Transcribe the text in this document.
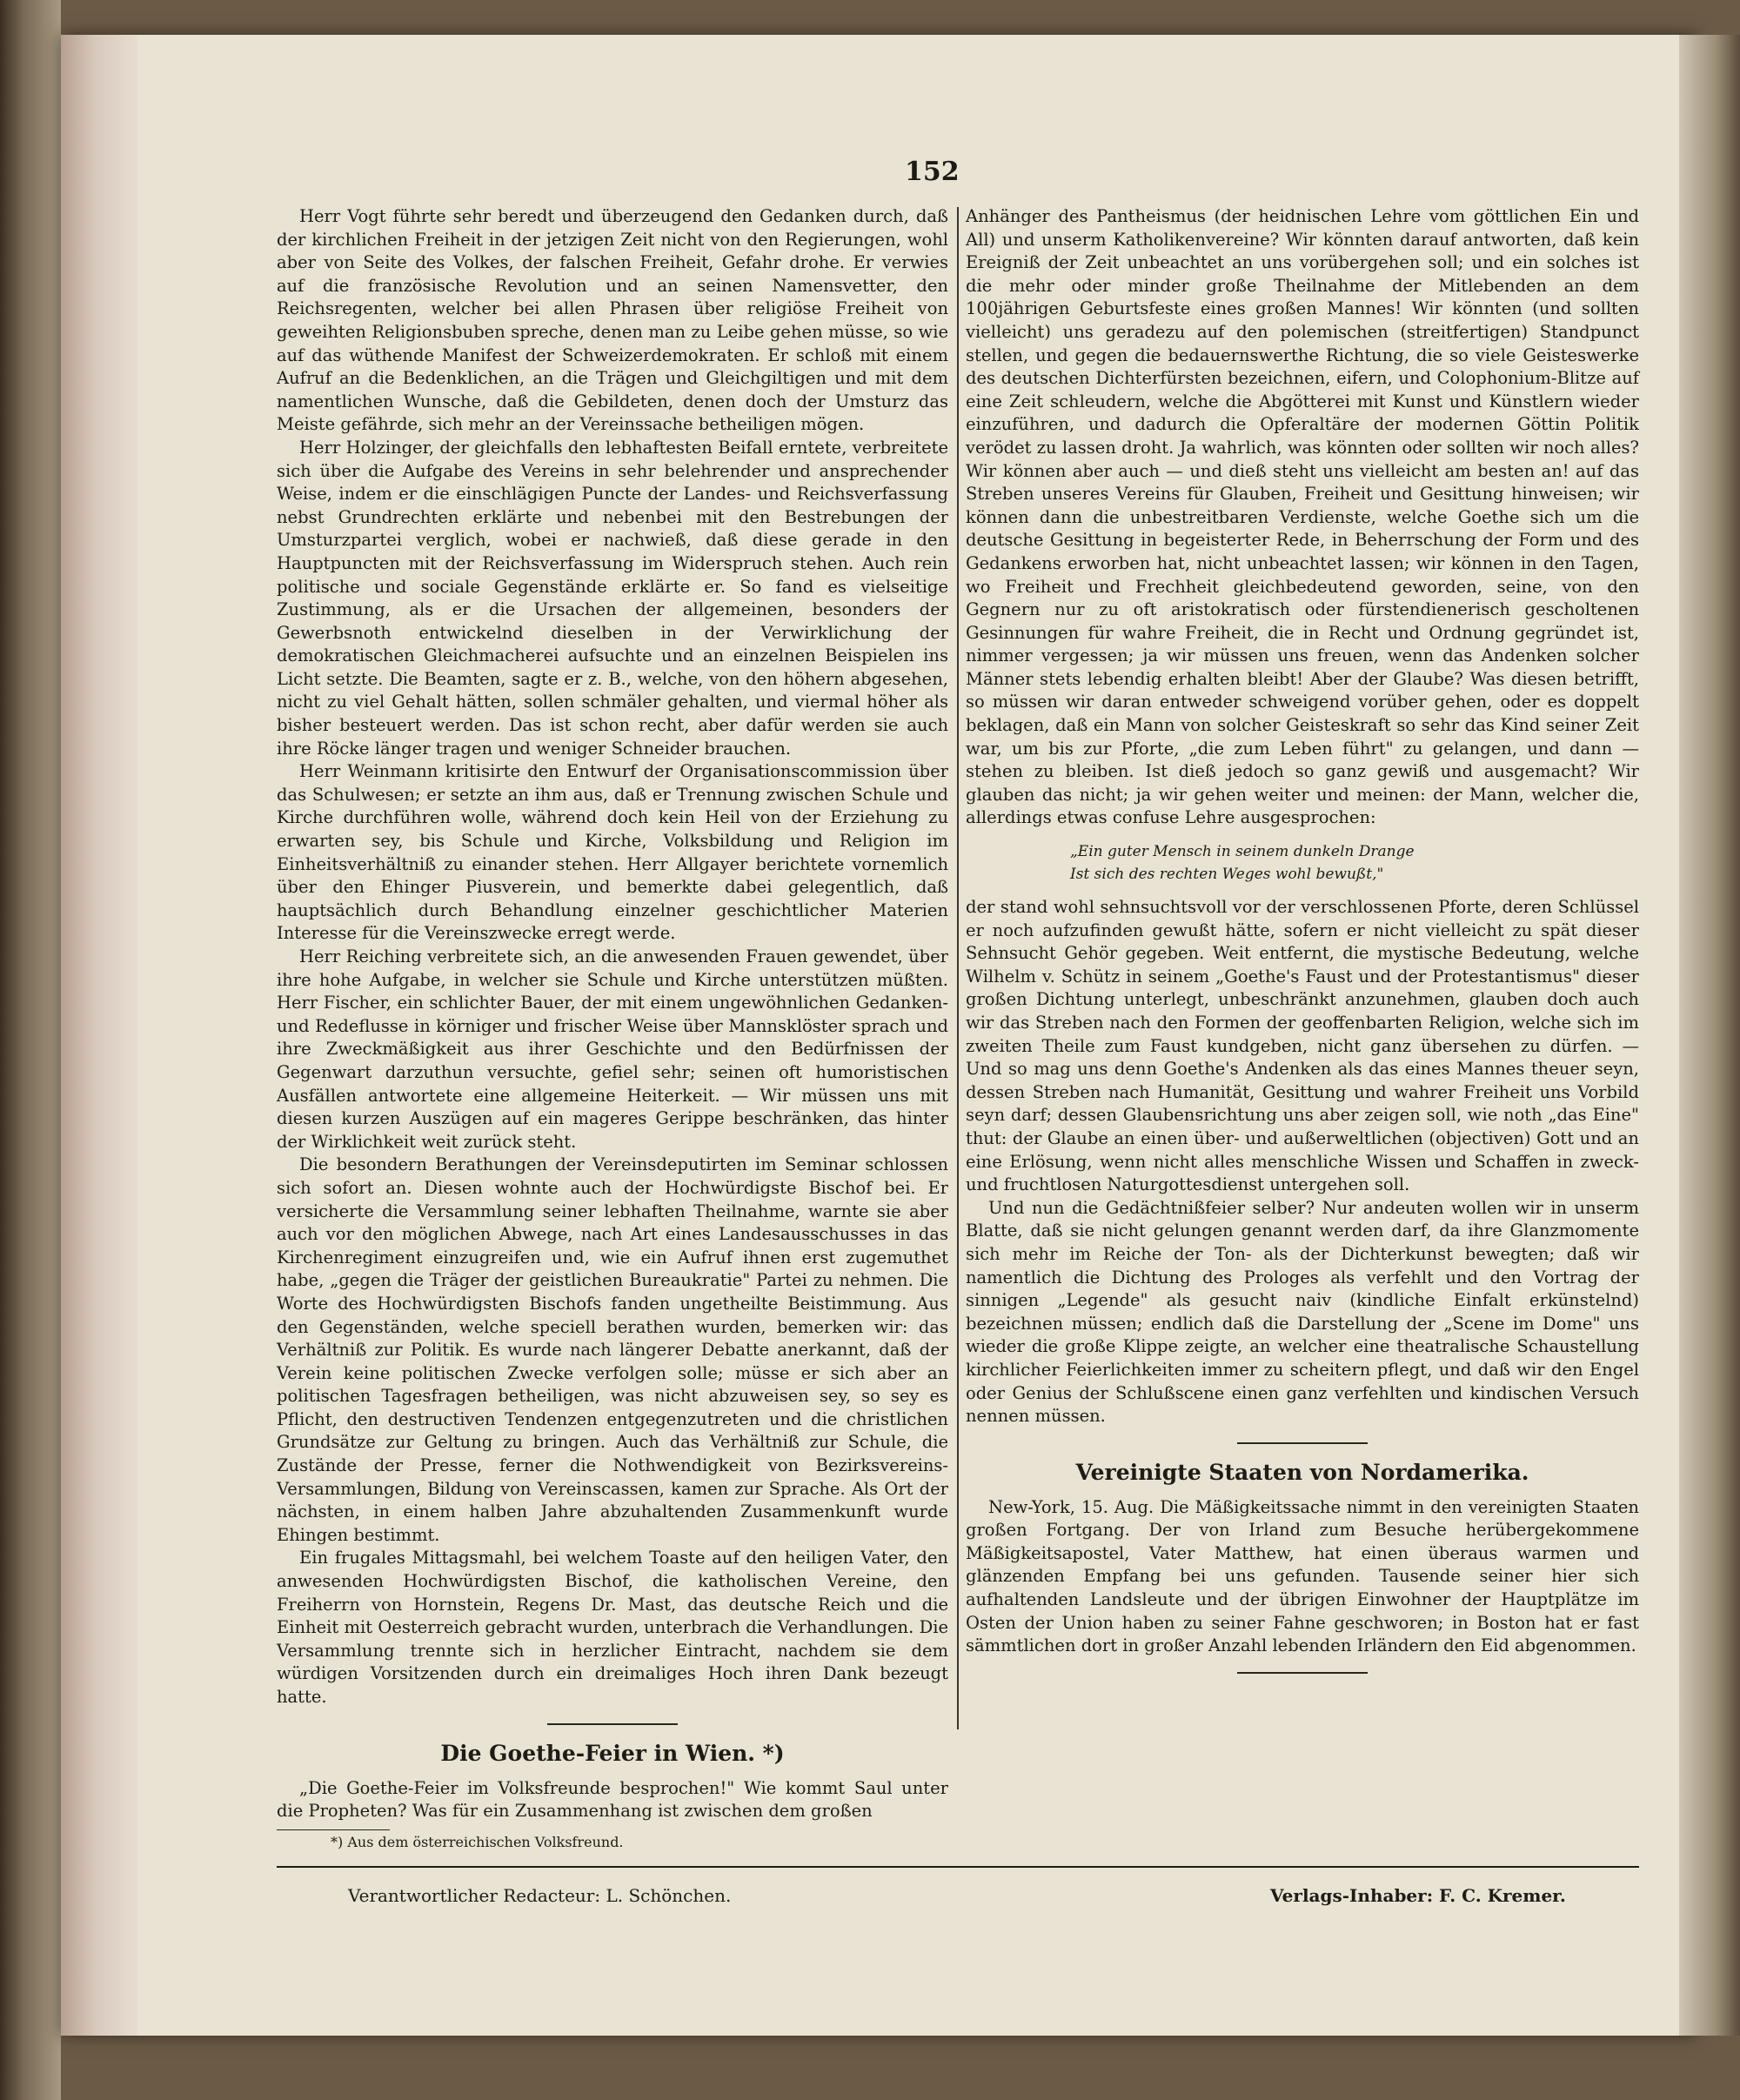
152

Herr Vogt führte sehr beredt und überzeugend den Gedanken durch, daß der kirchlichen Freiheit in der jetzigen Zeit nicht von den Regierungen, wohl aber von Seite des Volkes, der falschen Freiheit, Gefahr drohe. Er verwies auf die französische Revolution und an seinen Namensvetter, den Reichsregenten, welcher bei allen Phrasen über religiöse Freiheit von geweihten Religionsbuben spreche, denen man zu Leibe gehen müsse, so wie auf das wüthende Manifest der Schweizerdemokraten. Er schloß mit einem Aufruf an die Bedenklichen, an die Trägen und Gleichgiltigen und mit dem namentlichen Wunsche, daß die Gebildeten, denen doch der Umsturz das Meiste gefährde, sich mehr an der Vereinssache betheiligen mögen.

Herr Holzinger, der gleichfalls den lebhaftesten Beifall erntete, verbreitete sich über die Aufgabe des Vereins in sehr belehrender und ansprechender Weise, indem er die einschlägigen Puncte der Landes- und Reichsverfassung nebst Grundrechten erklärte und nebenbei mit den Bestrebungen der Umsturzpartei verglich, wobei er nachwieß, daß diese gerade in den Hauptpuncten mit der Reichsverfassung im Widerspruch stehen. Auch rein politische und sociale Gegenstände erklärte er. So fand es vielseitige Zustimmung, als er die Ursachen der allgemeinen, besonders der Gewerbsnoth entwickelnd dieselben in der Verwirklichung der demokratischen Gleichmacherei aufsuchte und an einzelnen Beispielen ins Licht setzte. Die Beamten, sagte er z. B., welche, von den höhern abgesehen, nicht zu viel Gehalt hätten, sollen schmäler gehalten, und viermal höher als bisher besteuert werden. Das ist schon recht, aber dafür werden sie auch ihre Röcke länger tragen und weniger Schneider brauchen.

Herr Weinmann kritisirte den Entwurf der Organisationscommission über das Schulwesen; er setzte an ihm aus, daß er Trennung zwischen Schule und Kirche durchführen wolle, während doch kein Heil von der Erziehung zu erwarten sey, bis Schule und Kirche, Volksbildung und Religion im Einheitsverhältniß zu einander stehen. Herr Allgayer berichtete vornemlich über den Ehinger Piusverein, und bemerkte dabei gelegentlich, daß hauptsächlich durch Behandlung einzelner geschichtlicher Materien Interesse für die Vereinszwecke erregt werde.

Herr Reiching verbreitete sich, an die anwesenden Frauen gewendet, über ihre hohe Aufgabe, in welcher sie Schule und Kirche unterstützen müßten. Herr Fischer, ein schlichter Bauer, der mit einem ungewöhnlichen Gedanken- und Redeflusse in körniger und frischer Weise über Mannsklöster sprach und ihre Zweckmäßigkeit aus ihrer Geschichte und den Bedürfnissen der Gegenwart darzuthun versuchte, gefiel sehr; seinen oft humoristischen Ausfällen antwortete eine allgemeine Heiterkeit. — Wir müssen uns mit diesen kurzen Auszügen auf ein mageres Gerippe beschränken, das hinter der Wirklichkeit weit zurück steht.

Die besondern Berathungen der Vereinsdeputirten im Seminar schlossen sich sofort an. Diesen wohnte auch der Hochwürdigste Bischof bei. Er versicherte die Versammlung seiner lebhaften Theilnahme, warnte sie aber auch vor den möglichen Abwege, nach Art eines Landesausschusses in das Kirchenregiment einzugreifen und, wie ein Aufruf ihnen erst zugemuthet habe, „gegen die Träger der geistlichen Bureaukratie" Partei zu nehmen. Die Worte des Hochwürdigsten Bischofs fanden ungetheilte Beistimmung. Aus den Gegenständen, welche speciell berathen wurden, bemerken wir: das Verhältniß zur Politik. Es wurde nach längerer Debatte anerkannt, daß der Verein keine politischen Zwecke verfolgen solle; müsse er sich aber an politischen Tagesfragen betheiligen, was nicht abzuweisen sey, so sey es Pflicht, den destructiven Tendenzen entgegenzutreten und die christlichen Grundsätze zur Geltung zu bringen. Auch das Verhältniß zur Schule, die Zustände der Presse, ferner die Nothwendigkeit von Bezirksvereins-Versammlungen, Bildung von Vereinscassen, kamen zur Sprache. Als Ort der nächsten, in einem halben Jahre abzuhaltenden Zusammenkunft wurde Ehingen bestimmt.

Ein frugales Mittagsmahl, bei welchem Toaste auf den heiligen Vater, den anwesenden Hochwürdigsten Bischof, die katholischen Vereine, den Freiherrn von Hornstein, Regens Dr. Mast, das deutsche Reich und die Einheit mit Oesterreich gebracht wurden, unterbrach die Verhandlungen. Die Versammlung trennte sich in herzlicher Eintracht, nachdem sie dem würdigen Vorsitzenden durch ein dreimaliges Hoch ihren Dank bezeugt hatte.

Die Goethe-Feier in Wien. *)

„Die Goethe-Feier im Volksfreunde besprochen!" Wie kommt Saul unter die Propheten? Was für ein Zusammenhang ist zwischen dem großen

Anhänger des Pantheismus (der heidnischen Lehre vom göttlichen Ein und All) und unserm Katholikenvereine? Wir könnten darauf antworten, daß kein Ereigniß der Zeit unbeachtet an uns vorübergehen soll; und ein solches ist die mehr oder minder große Theilnahme der Mitlebenden an dem 100jährigen Geburtsfeste eines großen Mannes! Wir könnten (und sollten vielleicht) uns geradezu auf den polemischen (streitfertigen) Standpunct stellen, und gegen die bedauernswerthe Richtung, die so viele Geisteswerke des deutschen Dichterfürsten bezeichnen, eifern, und Colophonium-Blitze auf eine Zeit schleudern, welche die Abgötterei mit Kunst und Künstlern wieder einzuführen, und dadurch die Opferaltäre der modernen Göttin Politik verödet zu lassen droht. Ja wahrlich, was könnten oder sollten wir noch alles? Wir können aber auch — und dieß steht uns vielleicht am besten an! auf das Streben unseres Vereins für Glauben, Freiheit und Gesittung hinweisen; wir können dann die unbestreitbaren Verdienste, welche Goethe sich um die deutsche Gesittung in begeisterter Rede, in Beherrschung der Form und des Gedankens erworben hat, nicht unbeachtet lassen; wir können in den Tagen, wo Freiheit und Frechheit gleichbedeutend geworden, seine, von den Gegnern nur zu oft aristokratisch oder fürstendienerisch gescholtenen Gesinnungen für wahre Freiheit, die in Recht und Ordnung gegründet ist, nimmer vergessen; ja wir müssen uns freuen, wenn das Andenken solcher Männer stets lebendig erhalten bleibt! Aber der Glaube? Was diesen betrifft, so müssen wir daran entweder schweigend vorüber gehen, oder es doppelt beklagen, daß ein Mann von solcher Geisteskraft so sehr das Kind seiner Zeit war, um bis zur Pforte, „die zum Leben führt" zu gelangen, und dann — stehen zu bleiben. Ist dieß jedoch so ganz gewiß und ausgemacht? Wir glauben das nicht; ja wir gehen weiter und meinen: der Mann, welcher die, allerdings etwas confuse Lehre ausgesprochen:

„Ein guter Mensch in seinem dunkeln Drange
Ist sich des rechten Weges wohl bewußt,"

der stand wohl sehnsuchtsvoll vor der verschlossenen Pforte, deren Schlüssel er noch aufzufinden gewußt hätte, sofern er nicht vielleicht zu spät dieser Sehnsucht Gehör gegeben. Weit entfernt, die mystische Bedeutung, welche Wilhelm v. Schütz in seinem „Goethe's Faust und der Protestantismus" dieser großen Dichtung unterlegt, unbeschränkt anzunehmen, glauben doch auch wir das Streben nach den Formen der geoffenbarten Religion, welche sich im zweiten Theile zum Faust kundgeben, nicht ganz übersehen zu dürfen. — Und so mag uns denn Goethe's Andenken als das eines Mannes theuer seyn, dessen Streben nach Humanität, Gesittung und wahrer Freiheit uns Vorbild seyn darf; dessen Glaubensrichtung uns aber zeigen soll, wie noth „das Eine" thut: der Glaube an einen über- und außerweltlichen (objectiven) Gott und an eine Erlösung, wenn nicht alles menschliche Wissen und Schaffen in zweck- und fruchtlosen Naturgottesdienst untergehen soll.

Und nun die Gedächtnißfeier selber? Nur andeuten wollen wir in unserm Blatte, daß sie nicht gelungen genannt werden darf, da ihre Glanzmomente sich mehr im Reiche der Ton- als der Dichterkunst bewegten; daß wir namentlich die Dichtung des Prologes als verfehlt und den Vortrag der sinnigen „Legende" als gesucht naiv (kindliche Einfalt erkünstelnd) bezeichnen müssen; endlich daß die Darstellung der „Scene im Dome" uns wieder die große Klippe zeigte, an welcher eine theatralische Schaustellung kirchlicher Feierlichkeiten immer zu scheitern pflegt, und daß wir den Engel oder Genius der Schlußscene einen ganz verfehlten und kindischen Versuch nennen müssen.

Vereinigte Staaten von Nordamerika.

New-York, 15. Aug. Die Mäßigkeitssache nimmt in den vereinigten Staaten großen Fortgang. Der von Irland zum Besuche herübergekommene Mäßigkeitsapostel, Vater Matthew, hat einen überaus warmen und glänzenden Empfang bei uns gefunden. Tausende seiner hier sich aufhaltenden Landsleute und der übrigen Einwohner der Hauptplätze im Osten der Union haben zu seiner Fahne geschworen; in Boston hat er fast sämmtlichen dort in großer Anzahl lebenden Irländern den Eid abgenommen.

*) Aus dem österreichischen Volksfreund.
Verantwortlicher Redacteur: L. Schönchen.	Verlags-Inhaber: F. C. Kremer.
